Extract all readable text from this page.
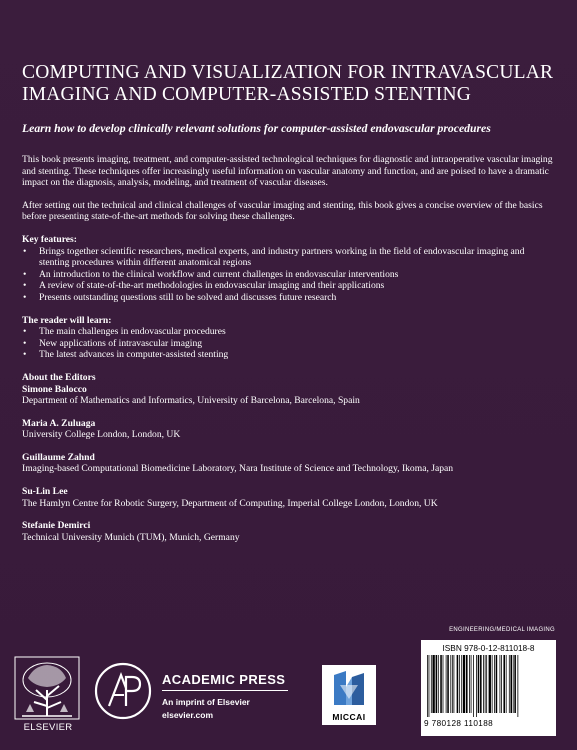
COMPUTING AND VISUALIZATION FOR INTRAVASCULAR IMAGING AND COMPUTER-ASSISTED STENTING
Learn how to develop clinically relevant solutions for computer-assisted endovascular procedures

This book presents imaging, treatment, and computer-assisted technological techniques for diagnostic and intraoperative vascular imaging and stenting. These techniques offer increasingly useful information on vascular anatomy and function, and are poised to have a dramatic impact on the diagnosis, analysis, modeling, and treatment of vascular diseases.

After setting out the technical and clinical challenges of vascular imaging and stenting, this book gives a concise overview of the basics before presenting state-of-the-art methods for solving these challenges.

Key features:
• Brings together scientific researchers, medical experts, and industry partners working in the field of endovascular imaging and stenting procedures within different anatomical regions
• An introduction to the clinical workflow and current challenges in endovascular interventions
• A review of state-of-the-art methodologies in endovascular imaging and their applications
• Presents outstanding questions still to be solved and discusses future research
The reader will learn:
• The main challenges in endovascular procedures
• New applications of intravascular imaging
• The latest advances in computer-assisted stenting
About the Editors
Simone Balocco
Department of Mathematics and Informatics, University of Barcelona, Barcelona, Spain
Maria A. Zuluaga
University College London, London, UK
Guillaume Zahnd
Imaging-based Computational Biomedicine Laboratory, Nara Institute of Science and Technology, Ikoma, Japan
Su-Lin Lee
The Hamlyn Centre for Robotic Surgery, Department of Computing, Imperial College London, London, UK
Stefanie Demirci
Technical University Munich (TUM), Munich, Germany
ENGINEERING/MEDICAL IMAGING
ISBN 978-0-12-811018-8
9 780128 110188
ELSEVIER
ACADEMIC PRESS
An imprint of Elsevier
elsevier.com	MICCAI
